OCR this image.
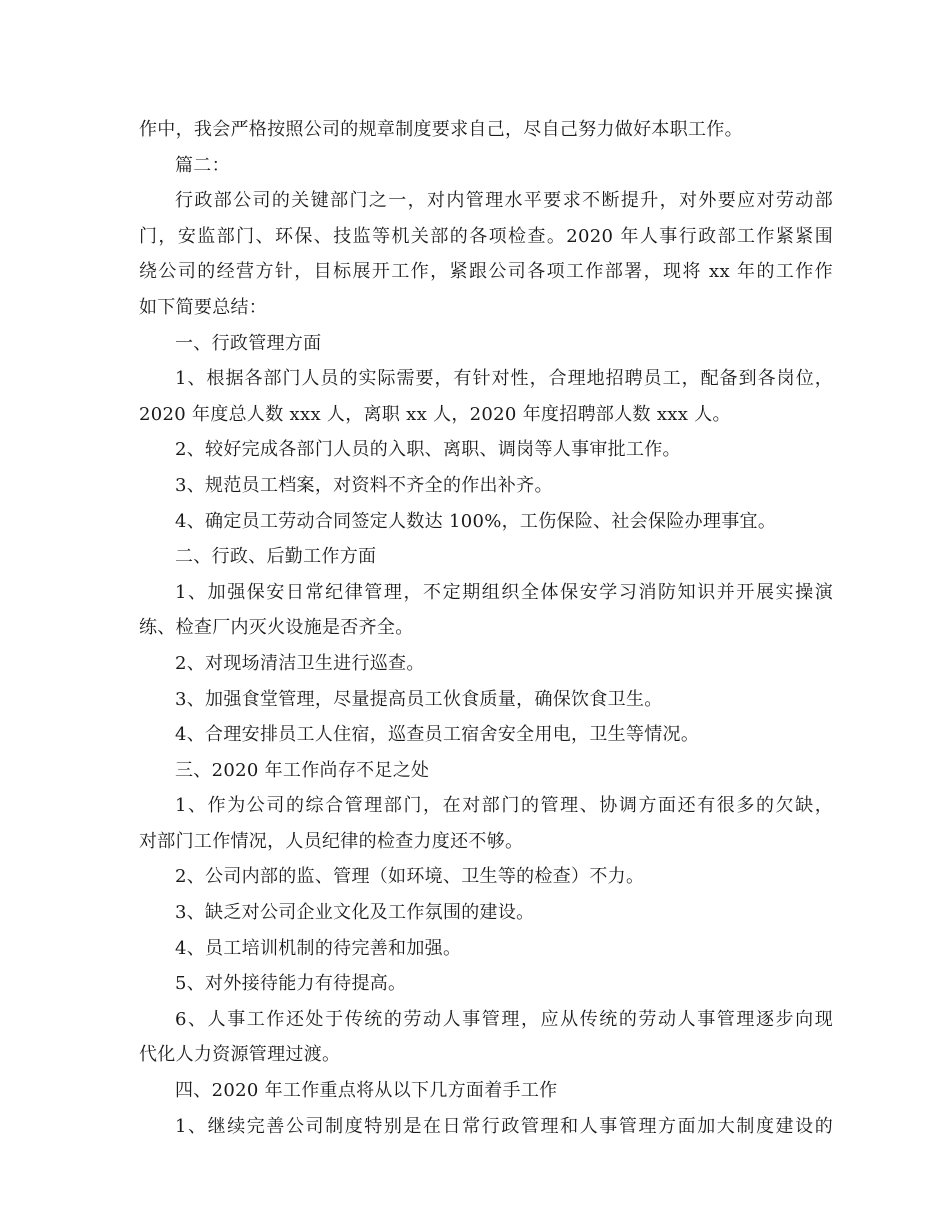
作中，我会严格按照公司的规章制度要求自己，尽自己努力做好本职工作。
篇二：
行政部公司的关键部门之一，对内管理水平要求不断提升，对外要应对劳动部
门，安监部门、环保、技监等机关部的各项检查。2020 年人事行政部工作紧紧围
绕公司的经营方针，目标展开工作，紧跟公司各项工作部署，现将 xx 年的工作作
如下简要总结：
一、行政管理方面
1、根据各部门人员的实际需要，有针对性，合理地招聘员工，配备到各岗位，
2020 年度总人数 xxx 人，离职 xx 人，2020 年度招聘部人数 xxx 人。
2、较好完成各部门人员的入职、离职、调岗等人事审批工作。
3、规范员工档案，对资料不齐全的作出补齐。
4、确定员工劳动合同签定人数达 100%，工伤保险、社会保险办理事宜。
二、行政、后勤工作方面
1、加强保安日常纪律管理，不定期组织全体保安学习消防知识并开展实操演
练、检查厂内灭火设施是否齐全。
2、对现场清洁卫生进行巡查。
3、加强食堂管理，尽量提高员工伙食质量，确保饮食卫生。
4、合理安排员工人住宿，巡查员工宿舍安全用电，卫生等情况。
三、2020 年工作尚存不足之处
1、作为公司的综合管理部门，在对部门的管理、协调方面还有很多的欠缺，
对部门工作情况，人员纪律的检查力度还不够。
2、公司内部的监、管理（如环境、卫生等的检查）不力。
3、缺乏对公司企业文化及工作氛围的建设。
4、员工培训机制的待完善和加强。
5、对外接待能力有待提高。
6、人事工作还处于传统的劳动人事管理，应从传统的劳动人事管理逐步向现
代化人力资源管理过渡。
四、2020 年工作重点将从以下几方面着手工作
1、继续完善公司制度特别是在日常行政管理和人事管理方面加大制度建设的
